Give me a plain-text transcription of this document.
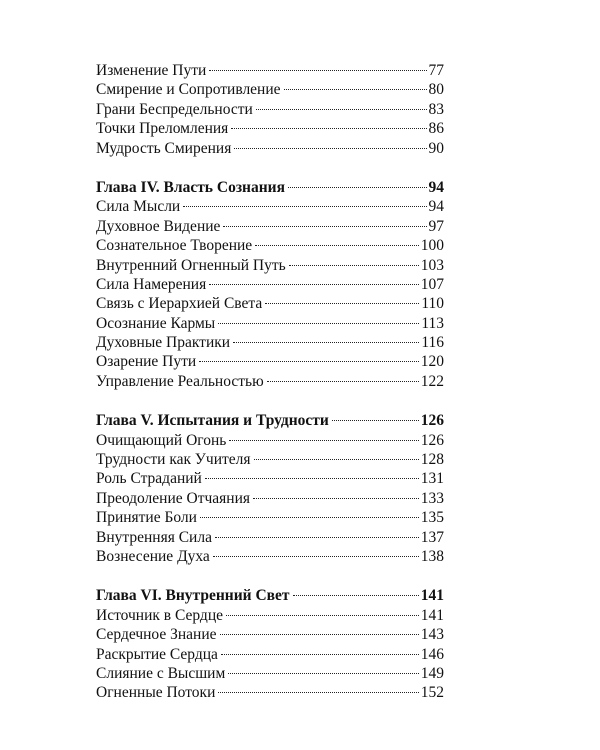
Изменение Пути	77
Смирение и Сопротивление	80
Грани Беспредельности	83
Точки Преломления	86
Мудрость Смирения	90
Глава IV. Власть Сознания	94
Сила Мысли	94
Духовное Видение	97
Сознательное Творение	100
Внутренний Огненный Путь	103
Сила Намерения	107
Связь с Иерархией Света	110
Осознание Кармы	113
Духовные Практики	116
Озарение Пути	120
Управление Реальностью	122
Глава V. Испытания и Трудности	126
Очищающий Огонь	126
Трудности как Учителя	128
Роль Страданий	131
Преодоление Отчаяния	133
Принятие Боли	135
Внутренняя Сила	137
Вознесение Духа	138
Глава VI. Внутренний Свет	141
Источник в Сердце	141
Сердечное Знание	143
Раскрытие Сердца	146
Слияние с Высшим	149
Огненные Потоки	152
